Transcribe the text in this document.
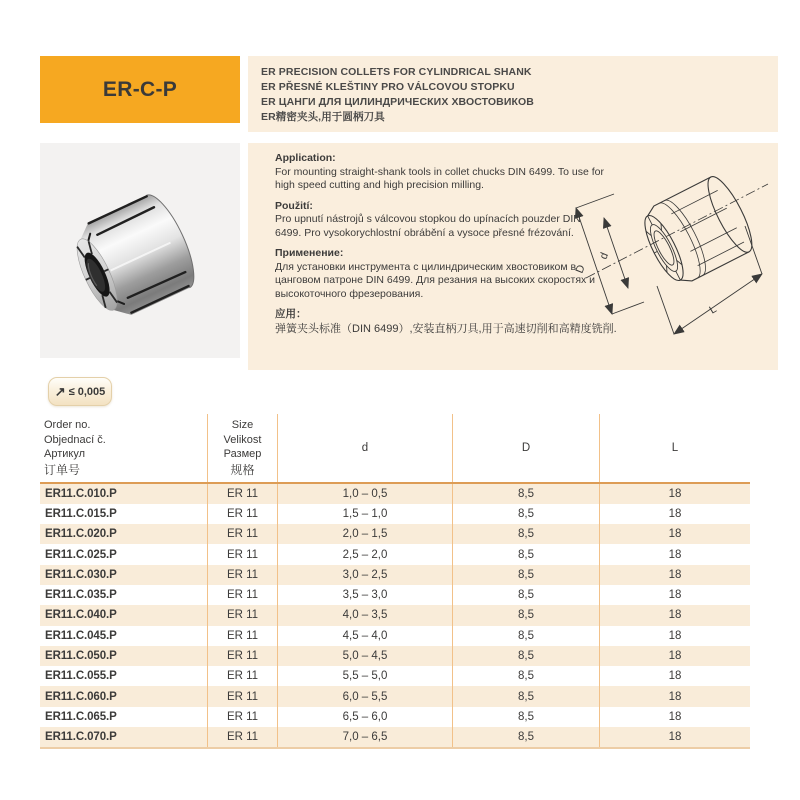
ER-C-P
ER PRECISION COLLETS FOR CYLINDRICAL SHANK
ER PŘESNÉ KLEŠTINY PRO VÁLCOVOU STOPKU
ER ЦАНГИ ДЛЯ ЦИЛИНДРИЧЕСКИХ ХВОСТОВИКОВ
ER精密夹头,用于圆柄刀具
Application:
For mounting straight-shank tools in collet chucks DIN 6499. To use for high speed cutting and high precision milling.
Použití:
Pro upnutí nástrojů s válcovou stopkou do upínacích pouzder DIN 6499. Pro vysokorychlostní obrábění a vysoce přesné frézování.
Применение:
Для установки инструмента с цилиндрическим хвостовиком в цанговом патроне DIN 6499. Для резания на высоких скоростях и высокоточного фрезерования.
应用：
弹簧夹头标准（DIN 6499）,安装直柄刀具,用于高速切削和高精度铣削.
D
d
L
↗ ≤ 0,005
Order no.
Objednací č.
Артикул
订单号
Size
Velikost
Размер
规格
d	D	L
ER11.C.010.P	ER 11	1,0 – 0,5	8,5	18
ER11.C.015.P	ER 11	1,5 – 1,0	8,5	18
ER11.C.020.P	ER 11	2,0 – 1,5	8,5	18
ER11.C.025.P	ER 11	2,5 – 2,0	8,5	18
ER11.C.030.P	ER 11	3,0 – 2,5	8,5	18
ER11.C.035.P	ER 11	3,5 – 3,0	8,5	18
ER11.C.040.P	ER 11	4,0 – 3,5	8,5	18
ER11.C.045.P	ER 11	4,5 – 4,0	8,5	18
ER11.C.050.P	ER 11	5,0 – 4,5	8,5	18
ER11.C.055.P	ER 11	5,5 – 5,0	8,5	18
ER11.C.060.P	ER 11	6,0 – 5,5	8,5	18
ER11.C.065.P	ER 11	6,5 – 6,0	8,5	18
ER11.C.070.P	ER 11	7,0 – 6,5	8,5	18
